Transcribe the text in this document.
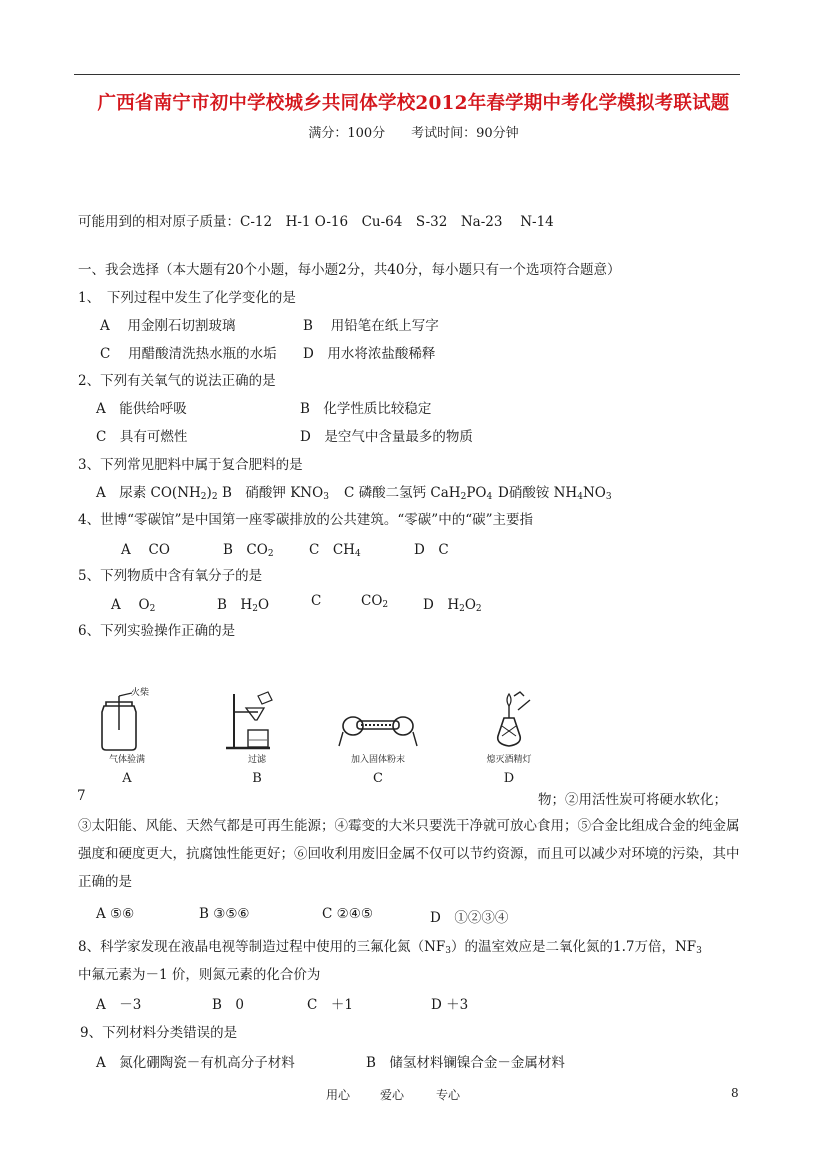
广西省南宁市初中学校城乡共同体学校2012年春学期中考化学模拟考联试题
满分：100分　　考试时间：90分钟
可能用到的相对原子质量：C-12　H-1 O-16　Cu-64　S-32　Na-23　 N-14
一、我会选择（本大题有20个小题，每小题2分，共40分，每小题只有一个选项符合题意）
1、　下列过程中发生了化学变化的是
A　 用金刚石切割玻璃	B　 用铅笔在纸上写字
C　 用醋酸清洗热水瓶的水垢 D　用水将浓盐酸稀释
2、下列有关氧气的说法正确的是
A　能供给呼吸	B　化学性质比较稳定
C　具有可燃性	D　是空气中含量最多的物质
3、下列常见肥料中属于复合肥料的是
A　尿素 CO(NH2)2 B　硝酸钾 KNO3 C 磷酸二氢钙 CaH2PO4 D硝酸铵 NH4NO3
4、世博“零碳馆”是中国第一座零碳排放的公共建筑。“零碳”中的“碳”主要指
A　 CO	B　CO2	C　CH4	D　C
5、下列物质中含有氧分子的是
A　 O2	B　H2O	C	CO2	D　H2O2
6、下列实验操作正确的是
火柴
气体验满
A
过滤
B
加入固体粉末
C
熄灭酒精灯
D
7	物；②用活性炭可将硬水软化；
③太阳能、风能、天然气都是可再生能源；④霉变的大米只要洗干净就可放心食用；⑤合金比组成合金的纯金属强度和硬度更大，抗腐蚀性能更好；⑥回收利用废旧金属不仅可以节约资源，而且可以减少对环境的污染，其中正确的是
A ⑤⑥	B ③⑤⑥	C ②④⑤	D　①②③④
8、科学家发现在液晶电视等制造过程中使用的三氟化氮（NF3）的温室效应是二氧化氮的1.7万倍，NF3
中氟元素为－1 价，则氮元素的化合价为
A　－3	B　0	C　＋1	D ＋3
9、下列材料分类错误的是
A　氮化硼陶瓷－有机高分子材料	B　储氢材料镧镍合金－金属材料
用心 爱心	专心	8
